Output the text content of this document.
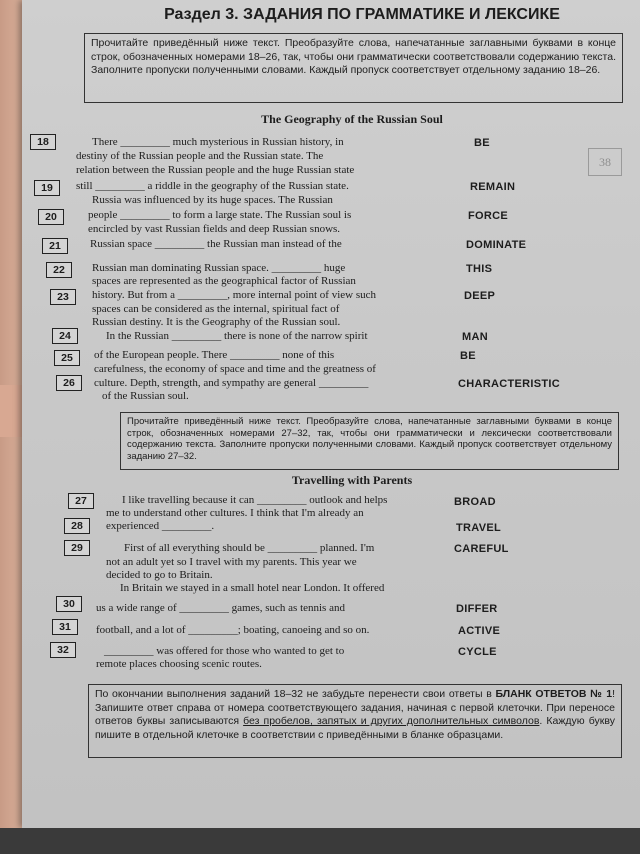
Раздел 3. ЗАДАНИЯ ПО ГРАММАТИКЕ И ЛЕКСИКЕ
Прочитайте приведённый ниже текст. Преобразуйте слова, напечатанные заглавными буквами в конце строк, обозначенных номерами 18–26, так, чтобы они грамматически соответствовали содержанию текста. Заполните пропуски полученными словами. Каждый пропуск соответствует отдельному заданию 18–26.
The Geography of the Russian Soul
38
There _________ much mysterious in Russian history, in
destiny of the Russian people and the Russian state. The
relation between the Russian people and the huge Russian state
still _________ a riddle in the geography of the Russian state.
Russia was influenced by its huge spaces. The Russian
people _________ to form a large state. The Russian soul is
encircled by vast Russian fields and deep Russian snows.
Russian space _________ the Russian man instead of the
Russian man dominating Russian space. _________ huge
spaces are represented as the geographical factor of Russian
history. But from a _________, more internal point of view such
spaces can be considered as the internal, spiritual fact of
Russian destiny. It is the Geography of the Russian soul.
In the Russian _________ there is none of the narrow spirit
of the European people. There _________ none of this
carefulness, the economy of space and time and the greatness of
culture. Depth, strength, and sympathy are general _________
of the Russian soul.
18
19
20
21
22
23
24
25
26
BE
REMAIN
FORCE
DOMINATE
THIS
DEEP
MAN
BE
CHARACTERISTIC
Прочитайте приведённый ниже текст. Преобразуйте слова, напечатанные заглавными буквами в конце строк, обозначенных номерами 27–32, так, чтобы они грамматически и лексически соответствовали содержанию текста. Заполните пропуски полученными словами. Каждый пропуск соответствует отдельному заданию 27–32.
Travelling with Parents
I like travelling because it can _________ outlook and helps
me to understand other cultures. I think that I'm already an
experienced _________.
First of all everything should be _________ planned. I'm
not an adult yet so I travel with my parents. This year we
decided to go to Britain.
In Britain we stayed in a small hotel near London. It offered
us a wide range of _________ games, such as tennis and
football, and a lot of _________; boating, canoeing and so on.
_________ was offered for those who wanted to get to
remote places choosing scenic routes.
27
28
29
30
31
32
BROAD
TRAVEL
CAREFUL
DIFFER
ACTIVE
CYCLE
По окончании выполнения заданий 18–32 не забудьте перенести свои ответы в БЛАНК ОТВЕТОВ № 1! Запишите ответ справа от номера соответствующего задания, начиная с первой клеточки. При переносе ответов буквы записываются без пробелов, запятых и других дополнительных символов. Каждую букву пишите в отдельной клеточке в соответствии с приведёнными в бланке образцами.
